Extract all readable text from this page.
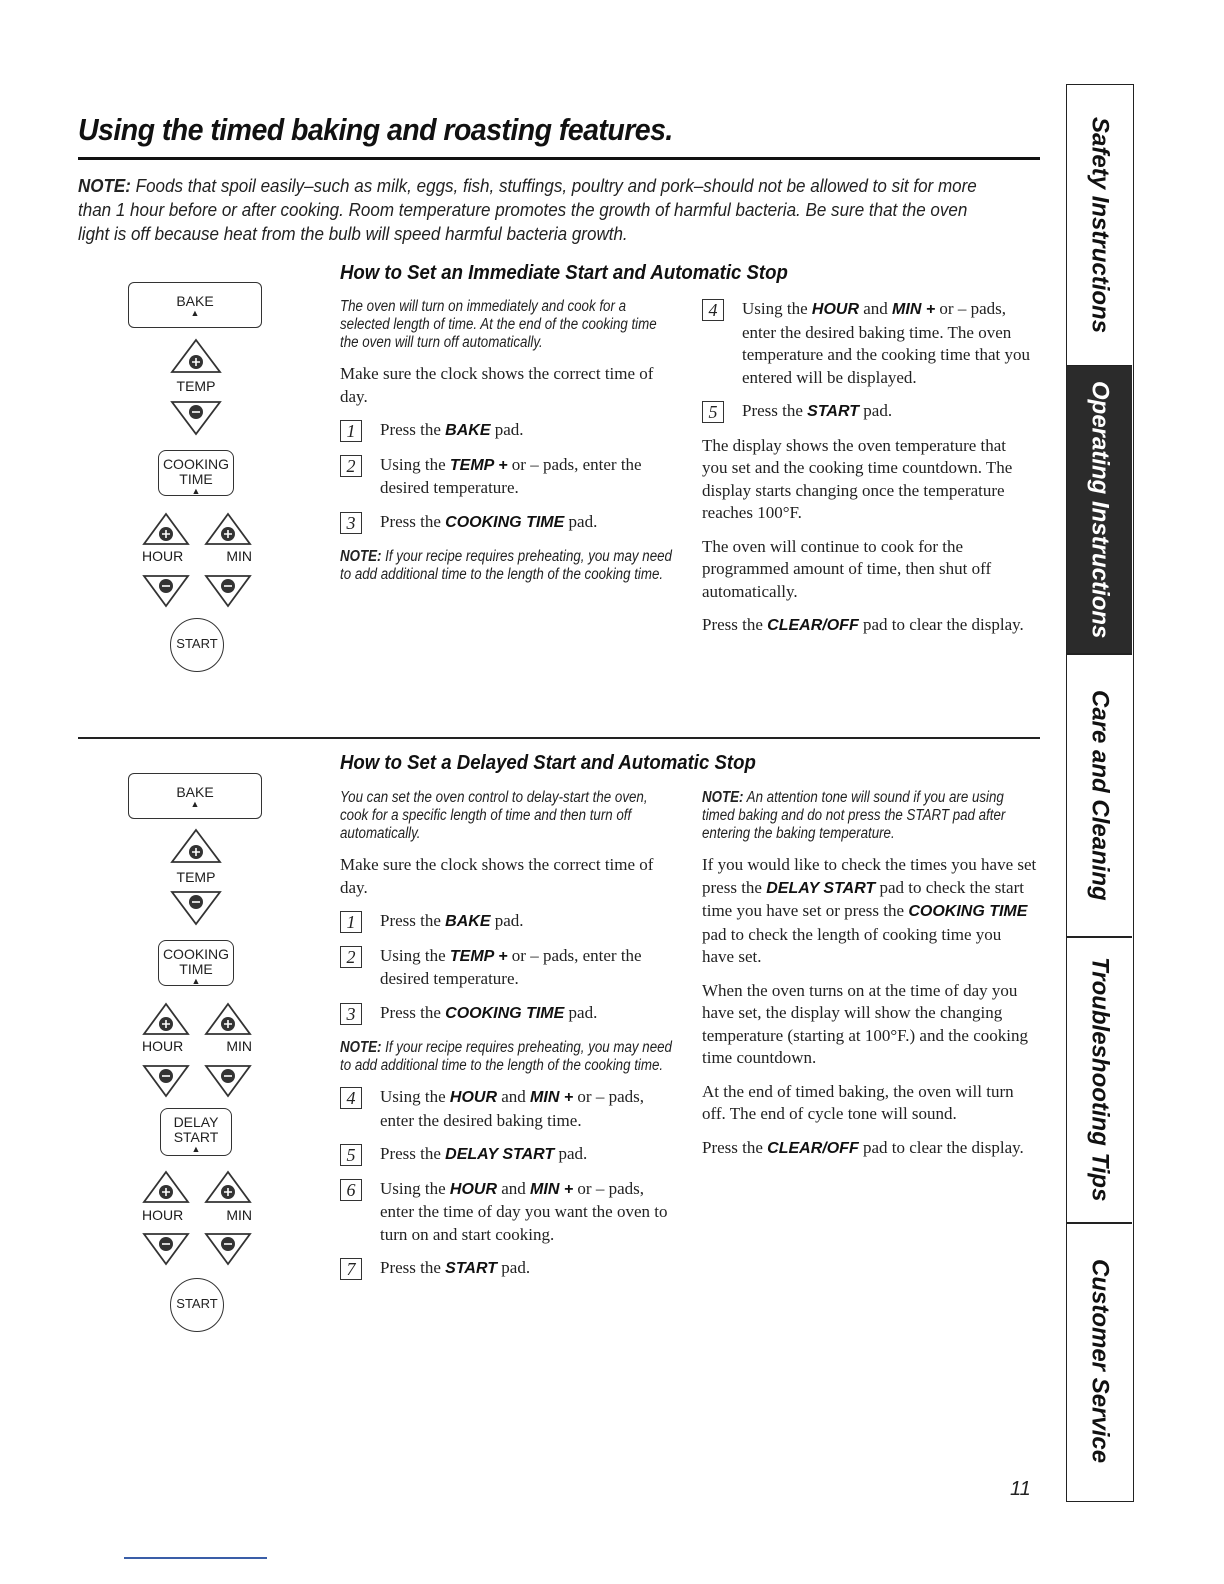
Using the timed baking and roasting features.

NOTE: Foods that spoil easily–such as milk, eggs, fish, stuffings, poultry and pork–should not be allowed to sit for more than 1 hour before or after cooking. Room temperature promotes the growth of harmful bacteria. Be sure that the oven light is off because heat from the bulb will speed harmful bacteria growth.

How to Set an Immediate Start and Automatic Stop
BAKE
▲
TEMP
COOKING
TIME
▲
HOUR	MIN
START

The oven will turn on immediately and cook for a selected length of time. At the end of the cooking time the oven will turn off automatically.

Make sure the clock shows the correct time of day.

1	Press the BAKE pad.
2	Using the TEMP + or – pads, enter the desired temperature.
3	Press the COOKING TIME pad.

NOTE: If your recipe requires preheating, you may need to add additional time to the length of the cooking time.

4	Using the HOUR and MIN + or – pads, enter the desired baking time. The oven temperature and the cooking time that you entered will be displayed.
5	Press the START pad.

The display shows the oven temperature that you set and the cooking time countdown. The display starts changing once the temperature reaches 100°F.

The oven will continue to cook for the programmed amount of time, then shut off automatically.

Press the CLEAR/OFF pad to clear the display.

How to Set a Delayed Start and Automatic Stop
BAKE
▲
TEMP
COOKING
TIME
▲
HOUR	MIN
DELAY
START
▲
HOUR	MIN
START

You can set the oven control to delay-start the oven, cook for a specific length of time and then turn off automatically.

Make sure the clock shows the correct time of day.

1	Press the BAKE pad.
2	Using the TEMP + or – pads, enter the desired temperature.
3	Press the COOKING TIME pad.

NOTE: If your recipe requires preheating, you may need to add additional time to the length of the cooking time.

4	Using the HOUR and MIN + or – pads, enter the desired baking time.
5	Press the DELAY START pad.
6	Using the HOUR and MIN + or – pads, enter the time of day you want the oven to turn on and start cooking.
7	Press the START pad.

NOTE: An attention tone will sound if you are using timed baking and do not press the START pad after entering the baking temperature.

If you would like to check the times you have set press the DELAY START pad to check the start time you have set or press the COOKING TIME pad to check the length of cooking time you have set.

When the oven turns on at the time of day you have set, the display will show the changing temperature (starting at 100°F.) and the cooking time countdown.

At the end of timed baking, the oven will turn off. The end of cycle tone will sound.

Press the CLEAR/OFF pad to clear the display.

Safety Instructions
Operating Instructions
Care and Cleaning
Troubleshooting Tips
Customer Service
11
